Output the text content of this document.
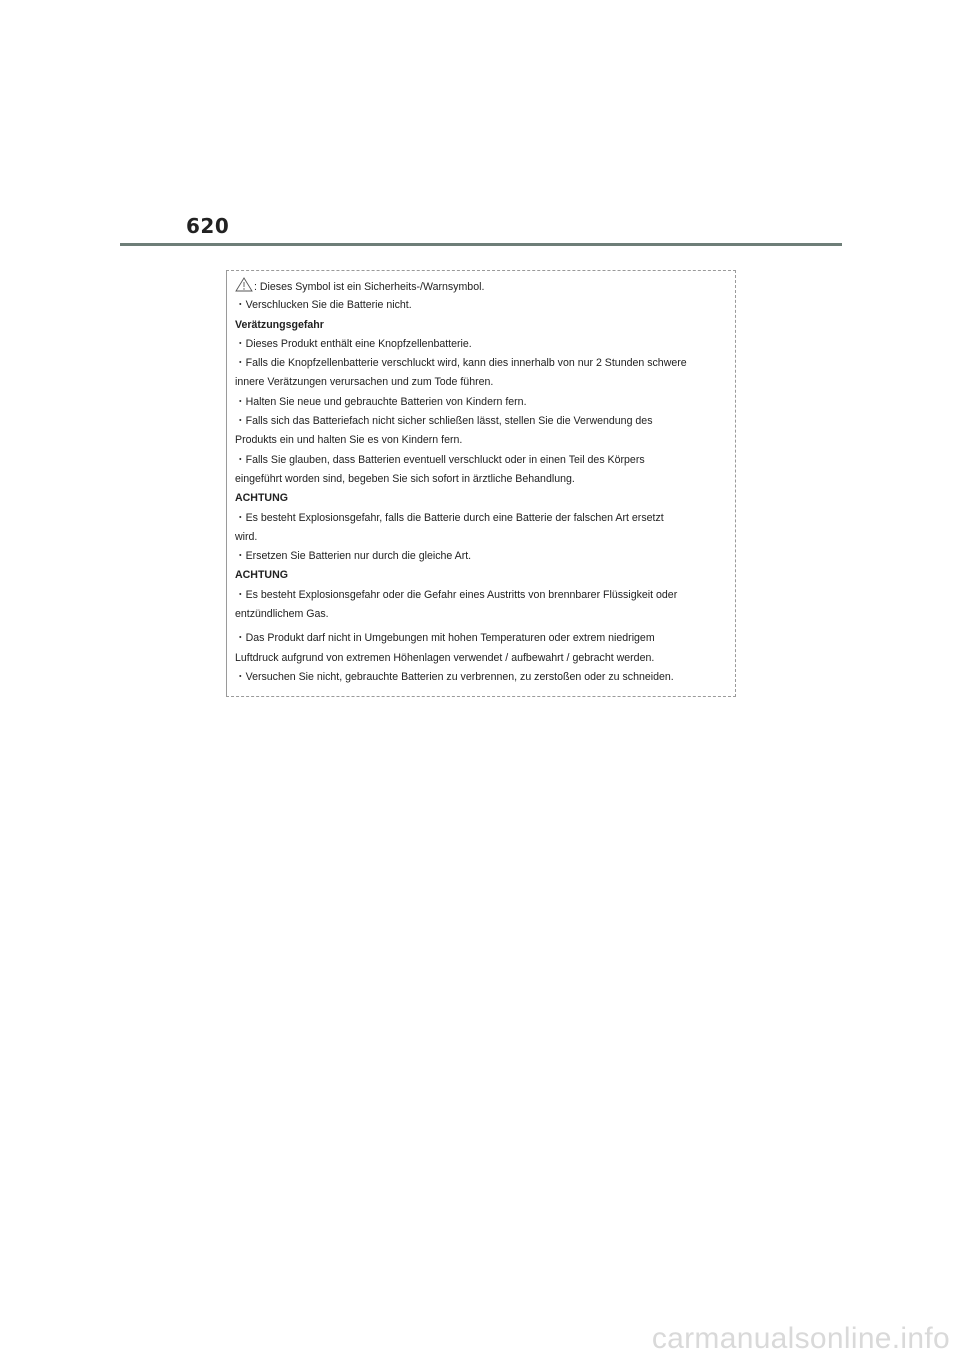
620
: Dieses Symbol ist ein Sicherheits-/Warnsymbol.
・Verschlucken Sie die Batterie nicht.
Verätzungsgefahr
・Dieses Produkt enthält eine Knopfzellenbatterie.
・Falls die Knopfzellenbatterie verschluckt wird, kann dies innerhalb von nur 2 Stunden schwere
innere Verätzungen verursachen und zum Tode führen.
・Halten Sie neue und gebrauchte Batterien von Kindern fern.
・Falls sich das Batteriefach nicht sicher schließen lässt, stellen Sie die Verwendung des
Produkts ein und halten Sie es von Kindern fern.
・Falls Sie glauben, dass Batterien eventuell verschluckt oder in einen Teil des Körpers
eingeführt worden sind, begeben Sie sich sofort in ärztliche Behandlung.
ACHTUNG
・Es besteht Explosionsgefahr, falls die Batterie durch eine Batterie der falschen Art ersetzt
wird.
・Ersetzen Sie Batterien nur durch die gleiche Art.
ACHTUNG
・Es besteht Explosionsgefahr oder die Gefahr eines Austritts von brennbarer Flüssigkeit oder
entzündlichem Gas.
・Das Produkt darf nicht in Umgebungen mit hohen Temperaturen oder extrem niedrigem
Luftdruck aufgrund von extremen Höhenlagen verwendet / aufbewahrt / gebracht werden.
・Versuchen Sie nicht, gebrauchte Batterien zu verbrennen, zu zerstoßen oder zu schneiden.
carmanualsonline.info
